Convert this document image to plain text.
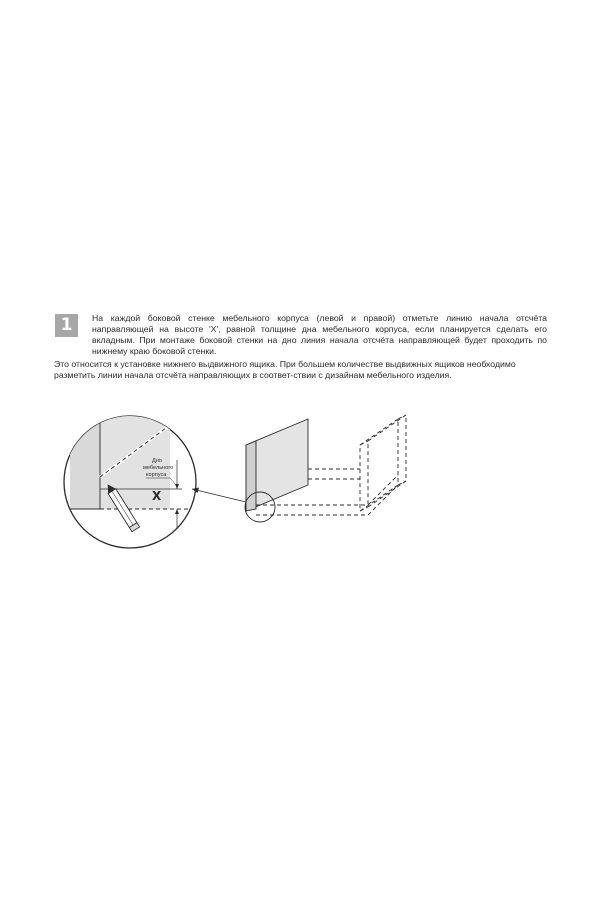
1	На каждой боковой стенке мебельного корпуса (левой и правой) отметьте линию начала отсчёта направляющей на высоте 'X', равной толщине дна мебельного корпуса, если планируется сделать его вкладным. При монтаже боковой стенки на дно линия начала отсчёта направляющей будет проходить по нижнему краю боковой стенки.

Это относится к установке нижнего выдвижного ящика. При большем количестве выдвижных ящиков необходимо разметить линии начала отсчёта направляющих в соответ-ствии с дизайнам мебельного изделия.

Дно
мебельного
корпуса
X
